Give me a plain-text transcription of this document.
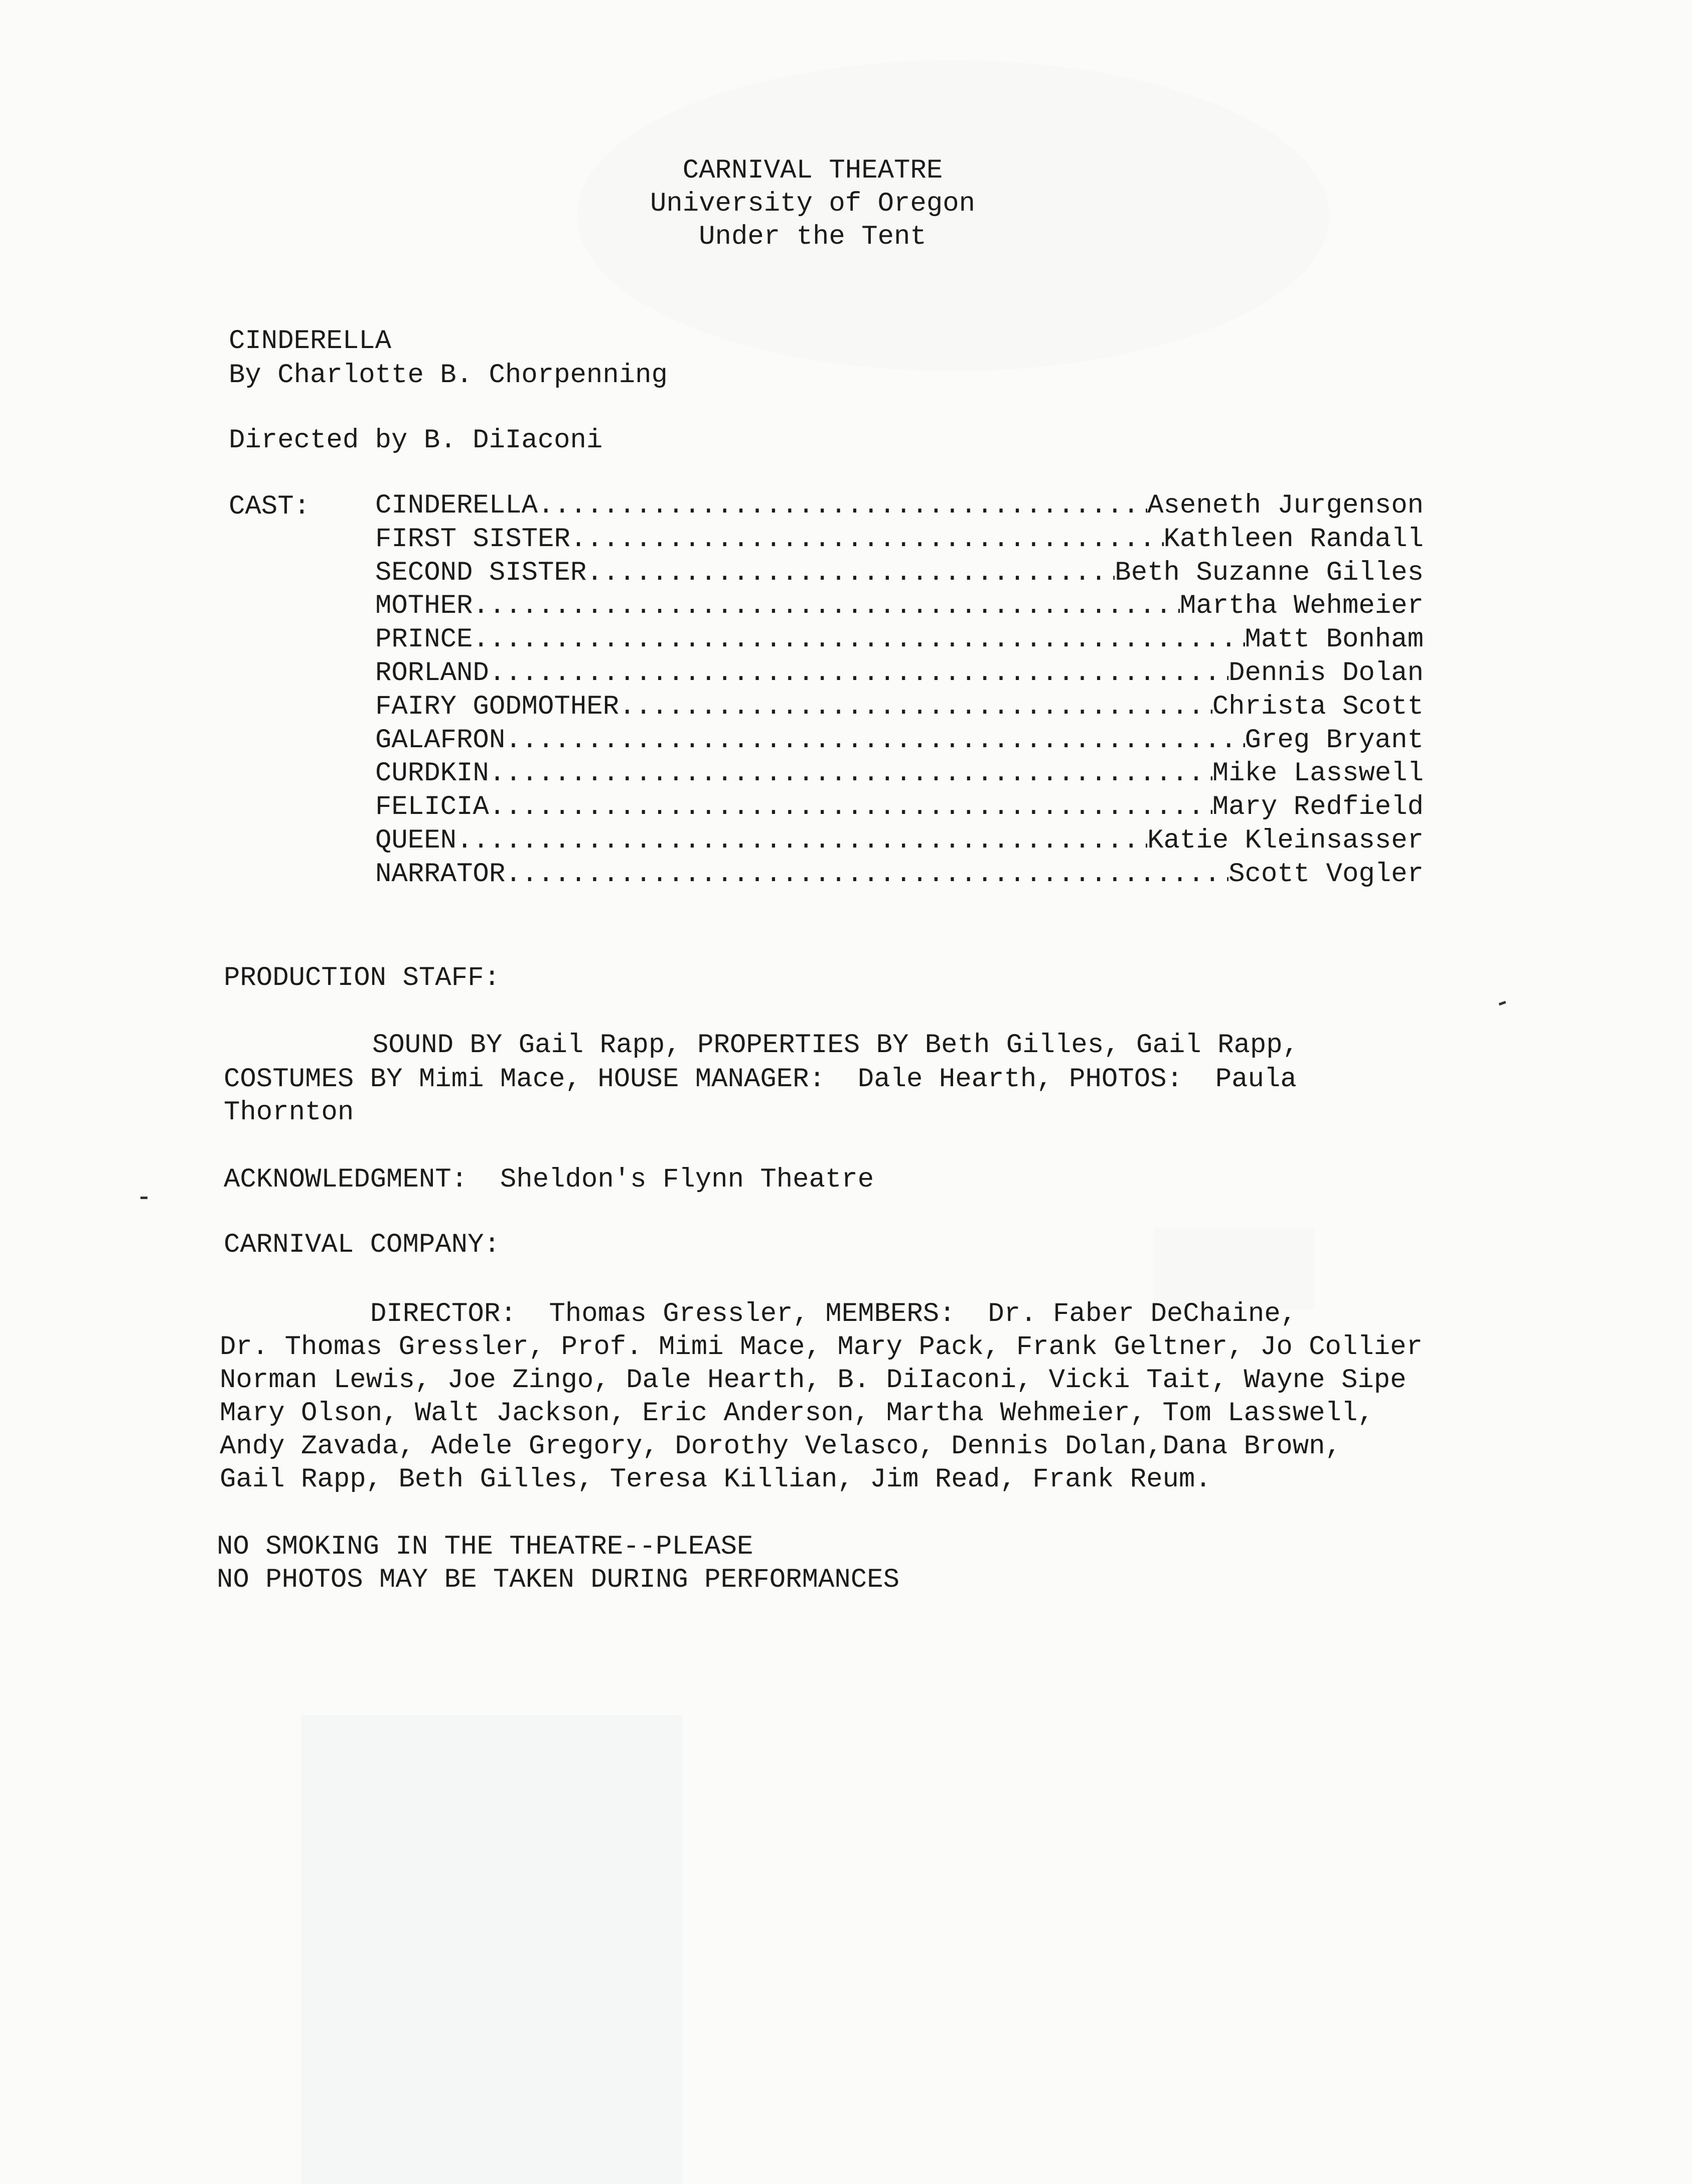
CARNIVAL THEATRE
University of Oregon
Under the Tent
CINDERELLA
By Charlotte B. Chorpenning
Directed by B. DiIaconi
CAST: CINDERELLA .....	Aseneth Jurgenson
FIRST SISTER .....	Kathleen Randall
SECOND SISTER .....	Beth Suzanne Gilles
MOTHER .....	Martha Wehmeier
PRINCE .....	Matt Bonham
RORLAND .....	Dennis Dolan
FAIRY GODMOTHER .....	Christa Scott
GALAFRON .....	Greg Bryant
CURDKIN .....	Mike Lasswell
FELICIA .....	Mary Redfield
QUEEN .....	Katie Kleinsasser
NARRATOR .....	Scott Vogler
PRODUCTION STAFF:
SOUND BY Gail Rapp, PROPERTIES BY Beth Gilles, Gail Rapp,
COSTUMES BY Mimi Mace, HOUSE MANAGER:  Dale Hearth, PHOTOS:  Paula
Thornton
ACKNOWLEDGMENT:  Sheldon's Flynn Theatre
CARNIVAL COMPANY:
DIRECTOR:  Thomas Gressler, MEMBERS:  Dr. Faber DeChaine,
Dr. Thomas Gressler, Prof. Mimi Mace, Mary Pack, Frank Geltner, Jo Collier
Norman Lewis, Joe Zingo, Dale Hearth, B. DiIaconi, Vicki Tait, Wayne Sipe
Mary Olson, Walt Jackson, Eric Anderson, Martha Wehmeier, Tom Lasswell,
Andy Zavada, Adele Gregory, Dorothy Velasco, Dennis Dolan,Dana Brown,
Gail Rapp, Beth Gilles, Teresa Killian, Jim Read, Frank Reum.
NO SMOKING IN THE THEATRE--PLEASE
NO PHOTOS MAY BE TAKEN DURING PERFORMANCES
